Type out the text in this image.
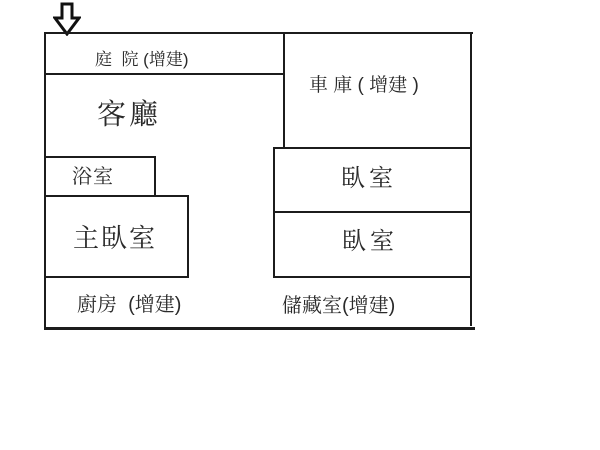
庭  院 (增建)
車 庫 ( 增建 )
客廳
浴室
主臥室
臥室
臥室
廚房  (增建)	儲藏室(增建)
